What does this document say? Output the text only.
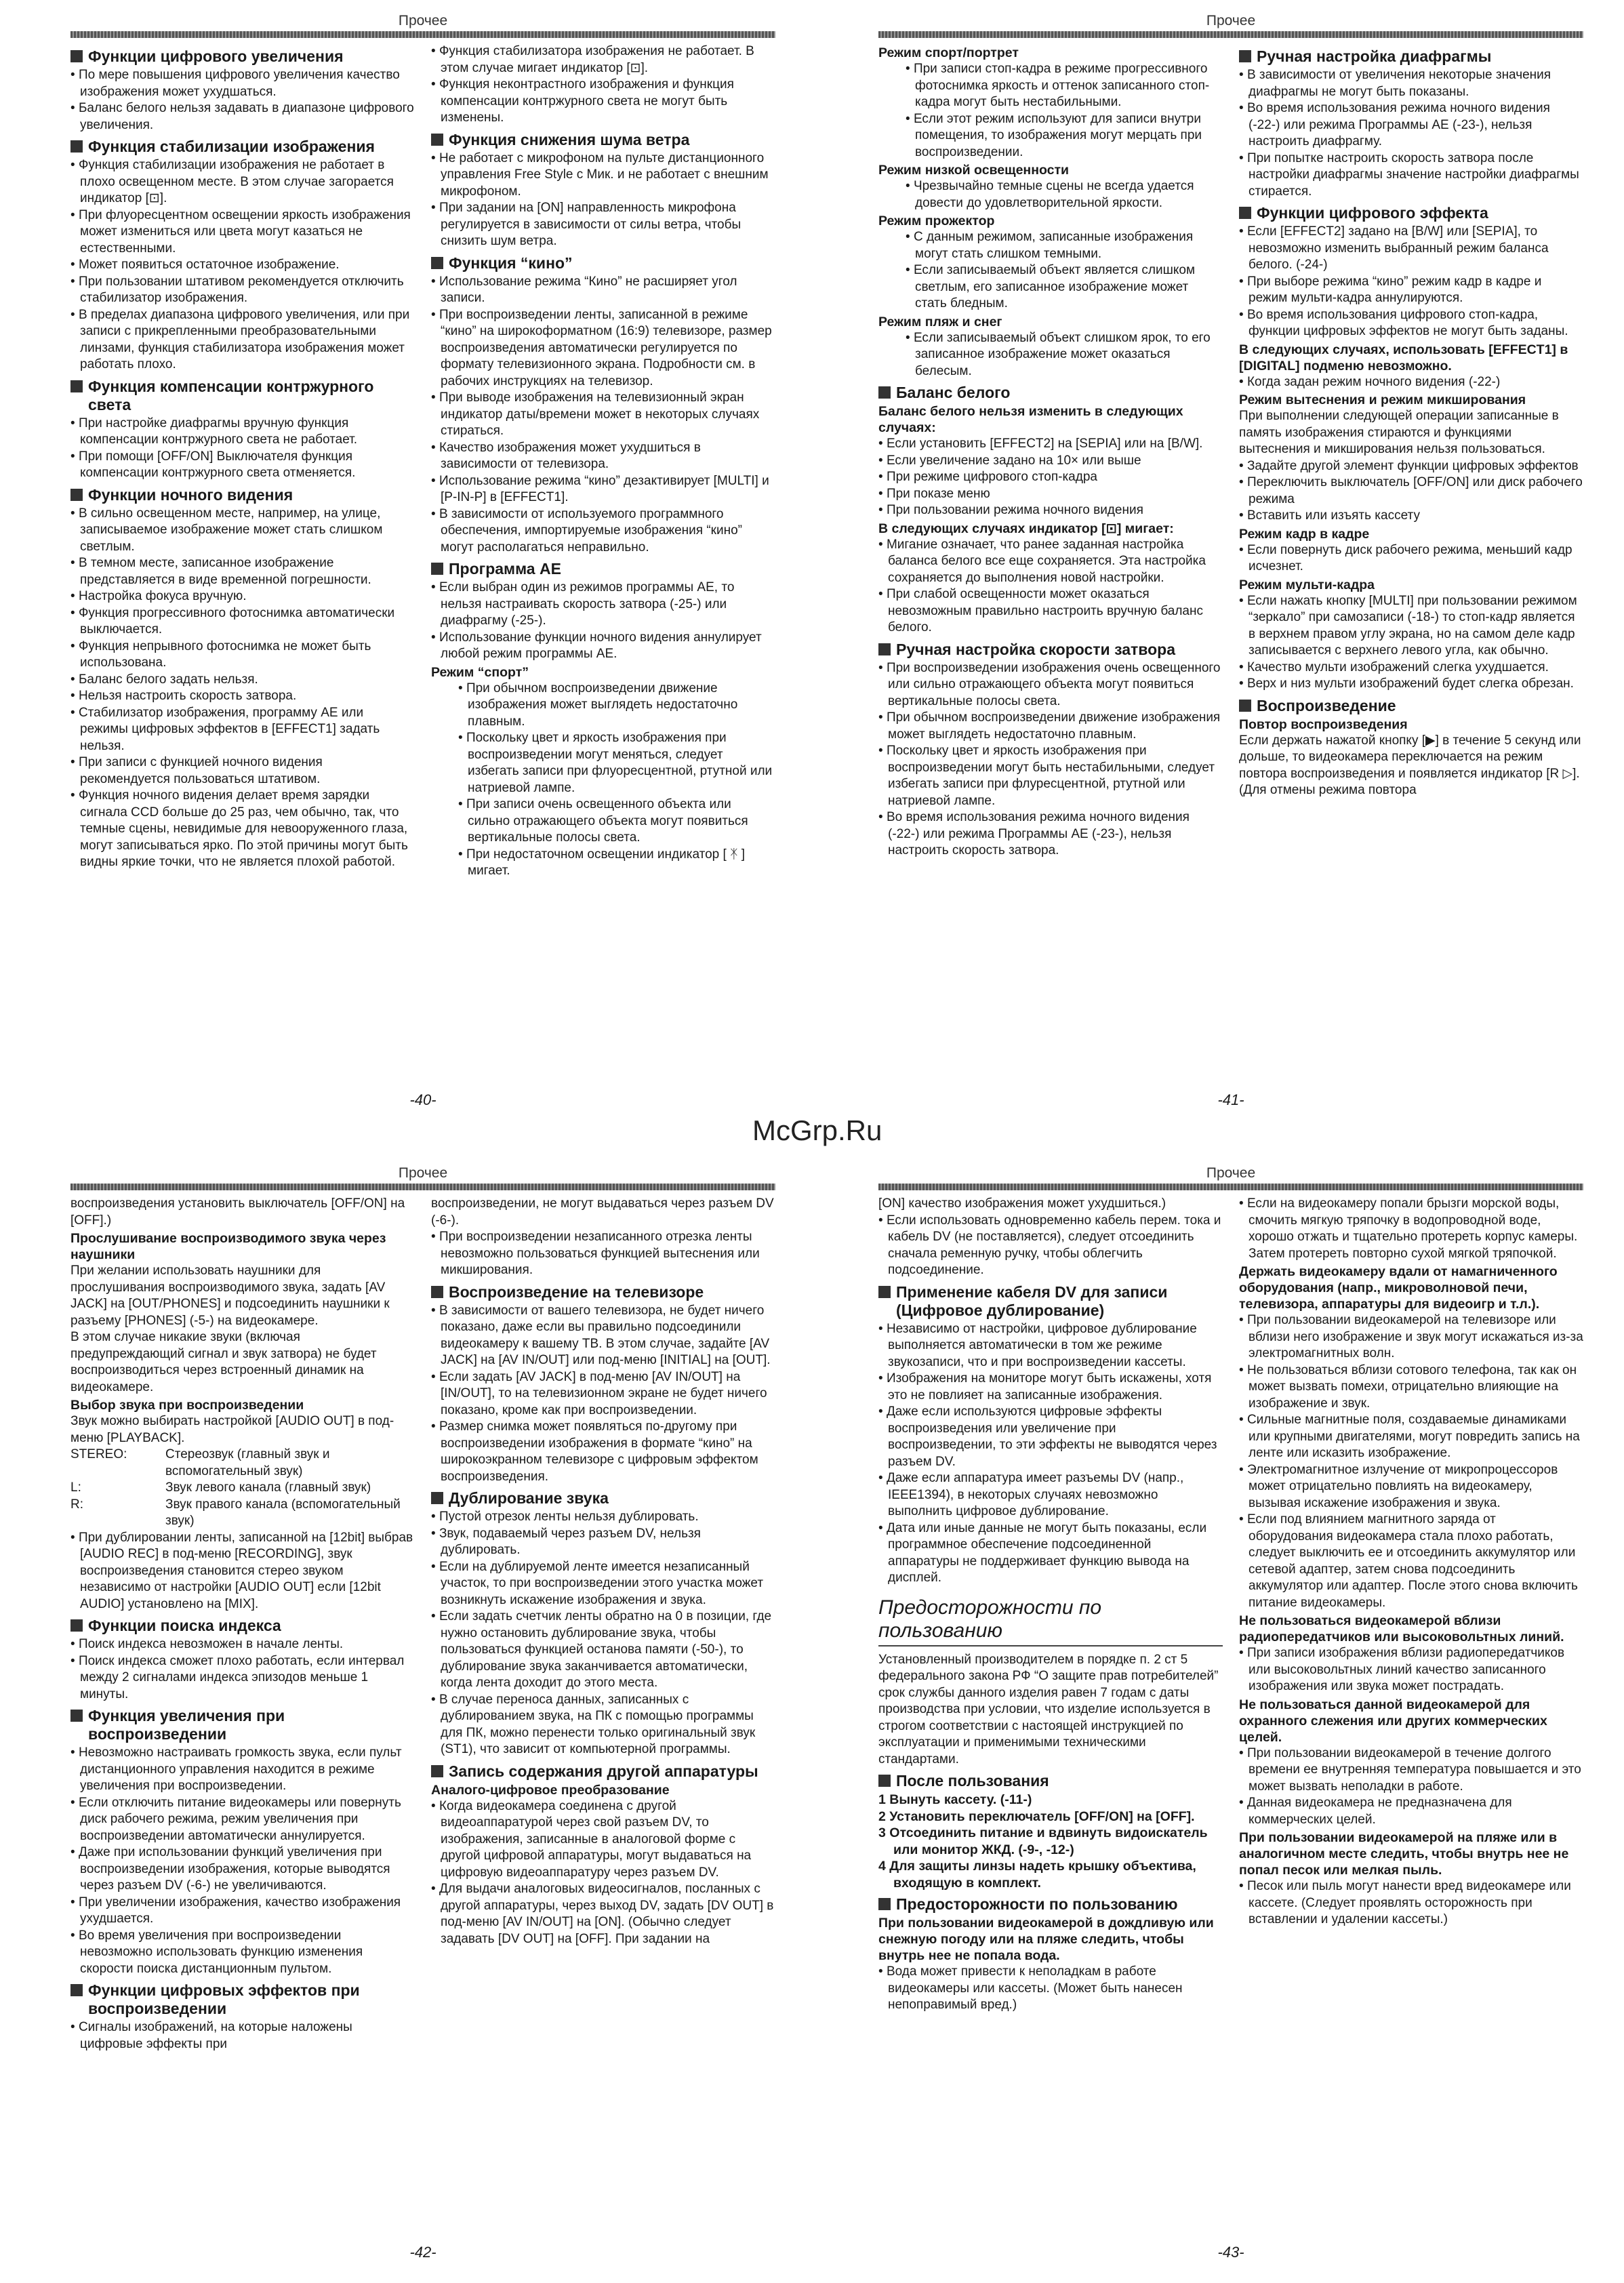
Прочее
Функции цифрового увеличения
• По мере повышения цифрового увеличения качество изображения может ухудшаться.
• Баланс белого нельзя задавать в диапазоне цифрового увеличения.
Функция стабилизации изображения
• Функция стабилизации изображения не работает в плохо освещенном месте. В этом случае загорается индикатор [⊡].
• При флуоресцентном освещении яркость изображения может измениться или цвета могут казаться не естественными.
• Может появиться остаточное изображение.
• При пользовании штативом рекомендуется отключить стабилизатор изображения.
• В пределах диапазона цифрового увеличения, или при записи с прикрепленными преобразовательными линзами, функция стабилизатора изображения может работать плохо.
Функция компенсации контржурного света
• При настройке диафрагмы вручную функция компенсации контржурного света не работает.
• При помощи [OFF/ON] Выключателя функция компенсации контржурного света отменяется.
Функции ночного видения
• В сильно освещенном месте, например, на улице, записываемое изображение может стать слишком светлым.
• В темном месте, записанное изображение представляется в виде временной погрешности.
• Настройка фокуса вручную.
• Функция прогрессивного фотоснимка автоматически выключается.
• Функция непрывного фотоснимка не может быть использована.
• Баланс белого задать нельзя.
• Нельзя настроить скорость затвора.
• Стабилизатор изображения, программу AE или режимы цифровых эффектов в [EFFECT1] задать нельзя.
• При записи с функцией ночного видения рекомендуется пользоваться штативом.
• Функция ночного видения делает время зарядки сигнала CCD больше до 25 раз, чем обычно, так, что темные сцены, невидимые для невооруженного глаза, могут записываться ярко. По этой причины могут быть видны яркие точки, что не является плохой работой.
• Функция стабилизатора изображения не работает. В этом случае мигает индикатор [⊡].
• Функция неконтрастного изображения и функция компенсации контржурного света не могут быть изменены.
Функция снижения шума ветра
• Не работает с микрофоном на пульте дистанционного управления Free Style с Мик. и не работает с внешним микрофоном.
• При задании на [ON] направленность микрофона регулируется в зависимости от силы ветра, чтобы снизить шум ветра.
Функция “кино”
• Использование режима “Кино” не расширяет угол записи.
• При воспроизведении ленты, записанной в режиме “кино” на широкоформатном (16:9) телевизоре, размер воспроизведения автоматически регулируется по формату телевизионного экрана. Подробности см. в рабочих инструкциях на телевизор.
• При выводе изображения на телевизионный экран индикатор даты/времени может в некоторых случаях стираться.
• Качество изображения может ухудшиться в зависимости от телевизора.
• Использование режима “кино” дезактивирует [MULTI] и [P-IN-P] в [EFFECT1].
• В зависимости от используемого программного обеспечения, импортируемые изображения “кино” могут располагаться неправильно.
Программа AE
• Если выбран один из режимов программы AE, то нельзя настраивать скорость затвора (-25-) или диафрагму (-25-).
• Использование функции ночного видения аннулирует любой режим программы AE.
Режим “спорт”
• При обычном воспроизведении движение изображения может выглядеть недостаточно плавным.
• Поскольку цвет и яркость изображения при воспроизведении могут меняться, следует избегать записи при флуоресцентной, ртутной или натриевой лампе.
• При записи очень освещенного объекта или сильно отражающего объекта могут появиться вертикальные полосы света.
• При недостаточном освещении индикатор [ ᛡ ] мигает.
-40-
Прочее
Режим спорт/портрет
• При записи стоп-кадра в режиме прогрессивного фотоснимка яркость и оттенок записанного стоп-кадра могут быть нестабильными.
• Если этот режим используют для записи внутри помещения, то изображения могут мерцать при воспроизведении.
Режим низкой освещенности
• Чрезвычайно темные сцены не всегда удается довести до удовлетворительной яркости.
Режим прожектор
• С данным режимом, записанные изображения могут стать слишком темными.
• Если записываемый объект является слишком светлым, его записанное изображение может стать бледным.
Режим пляж и снег
• Если записываемый объект слишком ярок, то его записанное изображение может оказаться белесым.
Баланс белого
Баланс белого нельзя изменить в следующих случаях:
• Если установить [EFFECT2] на [SEPIA] или на [B/W].
• Если увеличение задано на 10× или выше
• При режиме цифрового стоп-кадра
• При показе меню
• При пользовании режима ночного видения
В следующих случаях индикатор [⊡] мигает:
• Мигание означает, что ранее заданная настройка баланса белого все еще сохраняется. Эта настройка сохраняется до выполнения новой настройки.
• При слабой освещенности может оказаться невозможным правильно настроить вручную баланс белого.
Ручная настройка скорости затвора
• При воспроизведении изображения очень освещенного или сильно отражающего объекта могут появиться вертикальные полосы света.
• При обычном воспроизведении движение изображения может выглядеть недостаточно плавным.
• Поскольку цвет и яркость изображения при воспроизведении могут быть нестабильными, следует избегать записи при флуресцентной, ртутной или натриевой лампе.
• Во время использования режима ночного видения (-22-) или режима Программы AE (-23-), нельзя настроить скорость затвора.
Ручная настройка диафрагмы
• В зависимости от увеличения некоторые значения диафрагмы не могут быть показаны.
• Во время использования режима ночного видения (-22-) или режима Программы AE (-23-), нельзя настроить диафрагму.
• При попытке настроить скорость затвора после настройки диафрагмы значение настройки диафрагмы стирается.
Функции цифрового эффекта
• Если [EFFECT2] задано на [B/W] или [SEPIA], то невозможно изменить выбранный режим баланса белого. (-24-)
• При выборе режима “кино” режим кадр в кадре и режим мульти-кадра аннулируются.
• Во время использования цифрового стоп-кадра, функции цифровых эффектов не могут быть заданы.
В следующих случаях, использовать [EFFECT1] в [DIGITAL] подменю невозможно.
• Когда задан режим ночного видения (-22-)
Режим вытеснения и режим микширования
При выполнении следующей операции записанные в память изображения стираются и функциями вытеснения и микширования нельзя пользоваться.
• Задайте другой элемент функции цифровых эффектов
• Переключить выключатель [OFF/ON] или диск рабочего режима
• Вставить или изъять кассету
Режим кадр в кадре
• Если повернуть диск рабочего режима, меньший кадр исчезнет.
Режим мульти-кадра
• Если нажать кнопку [MULTI] при пользовании режимом “зеркало” при самозаписи (-18-) то стоп-кадр является в верхнем правом углу экрана, но на самом деле кадр записывается с верхнего левого угла, как обычно.
• Качество мульти изображений слегка ухудшается.
• Верх и низ мульти изображений будет слегка обрезан.
Воспроизведение
Повтор воспроизведения
Если держать нажатой кнопку [▶] в течение 5 секунд или дольше, то видеокамера переключается на режим повтора воспроизведения и появляется индикатор [R ▷]. (Для отмены режима повтора
-41-
McGrp.Ru
Прочее
воспроизведения установить выключатель [OFF/ON] на [OFF].)
Прослушивание воспроизводимого звука через наушники
При желании использовать наушники для прослушивания воспроизводимого звука, задать [AV JACK] на [OUT/PHONES] и подсоединить наушники к разъему [PHONES] (-5-) на видеокамере.
В этом случае никакие звуки (включая предупреждающий сигнал и звук затвора) не будет воспроизводиться через встроенный динамик на видеокамере.
Выбор звука при воспроизведении
Звук можно выбирать настройкой [AUDIO OUT] в под-меню [PLAYBACK].
STEREO:	Стереозвук (главный звук и вспомогательный звук)
L:	Звук левого канала (главный звук)
R:	Звук правого канала (вспомогательный звук)
• При дублировании ленты, записанной на [12bit] выбрав [AUDIO REC] в под-меню [RECORDING], звук воспроизведения становится стерео звуком независимо от настройки [AUDIO OUT] если [12bit AUDIO] установлено на [MIX].
Функции поиска индекса
• Поиск индекса невозможен в начале ленты.
• Поиск индекса сможет плохо работать, если интервал между 2 сигналами индекса эпизодов меньше 1 минуты.
Функция увеличения при воспроизведении
• Невозможно настраивать громкость звука, если пульт дистанционного управления находится в режиме увеличения при воспроизведении.
• Если отключить питание видеокамеры или повернуть диск рабочего режима, режим увеличения при воспроизведении автоматически аннулируется.
• Даже при использовании функций увеличения при воспроизведении изображения, которые выводятся через разъем DV (-6-) не увеличиваются.
• При увеличении изображения, качество изображения ухудшается.
• Во время увеличения при воспроизведении невозможно использовать функцию изменения скорости поиска дистанционным пультом.
Функции цифровых эффектов при воспроизведении
• Сигналы изображений, на которые наложены цифровые эффекты при
воспроизведении, не могут выдаваться через разъем DV (-6-).
• При воспроизведении незаписанного отрезка ленты невозможно пользоваться функцией вытеснения или микширования.
Воспроизведение на телевизоре
• В зависимости от вашего телевизора, не будет ничего показано, даже если вы правильно подсоединили видеокамеру к вашему ТВ. В этом случае, задайте [AV JACK] на [AV IN/OUT] или под-меню [INITIAL] на [OUT].
• Если задать [AV JACK] в под-меню [AV IN/OUT] на [IN/OUT], то на телевизионном экране не будет ничего показано, кроме как при воспроизведении.
• Размер снимка может появляться по-другому при воспроизведении изображения в формате “кино” на широкоэкранном телевизоре с цифровым эффектом воспроизведения.
Дублирование звука
• Пустой отрезок ленты нельзя дублировать.
• Звук, подаваемый через разъем DV, нельзя дублировать.
• Если на дублируемой ленте имеется незаписанный участок, то при воспроизведении этого участка может возникнуть искажение изображения и звука.
• Если задать счетчик ленты обратно на 0 в позиции, где нужно остановить дублирование звука, чтобы пользоваться функцией останова памяти (-50-), то дублирование звука заканчивается автоматически, когда лента доходит до этого места.
• В случае переноса данных, записанных с дублированием звука, на ПК с помощью программы для ПК, можно перенести только оригинальный звук (ST1), что зависит от компьютерной программы.
Запись содержания другой аппаратуры
Аналого-цифровое преобразование
• Когда видеокамера соединена с другой видеоаппаратурой через свой разъем DV, то изображения, записанные в аналоговой форме с другой цифровой аппаратуры, могут выдаваться на цифровую видеоаппаратуру через разъем DV.
• Для выдачи аналоговых видеосигналов, посланных с другой аппаратуры, через выход DV, задать [DV OUT] в под-меню [AV IN/OUT] на [ON]. (Обычно следует задавать [DV OUT] на [OFF]. При задании на
-42-
Прочее
[ON] качество изображения может ухудшиться.)
• Если использовать одновременно кабель перем. тока и кабель DV (не поставляется), следует отсоединить сначала ременную ручку, чтобы облегчить подсоединение.
Применение кабеля DV для записи (Цифровое дублирование)
• Независимо от настройки, цифровое дублирование выполняется автоматически в том же режиме звукозаписи, что и при воспроизведении кассеты.
• Изображения на мониторе могут быть искажены, хотя это не повлияет на записанные изображения.
• Даже если используются цифровые эффекты воспроизведения или увеличение при воспроизведении, то эти эффекты не выводятся через разъем DV.
• Даже если аппаратура имеет разъемы DV (напр., IEEE1394), в некоторых случаях невозможно выполнить цифровое дублирование.
• Дата или иные данные не могут быть показаны, если программное обеспечение подсоединенной аппаратуры не поддерживает функцию вывода на дисплей.
Предосторожности по пользованию
Установленный производителем в порядке п. 2 ст 5 федерального закона РФ “О защите прав потребителей” срок службы данного изделия равен 7 годам с даты производства при условии, что изделие используется в строгом соответствии с настоящей инструкцией по эксплуатации и применимыми техническими стандартами.
После пользования
1 Вынуть кассету. (-11-)
2 Установить переключатель [OFF/ON] на [OFF].
3 Отсоединить питание и вдвинуть видоискатель или монитор ЖКД. (-9-, -12-)
4 Для защиты линзы надеть крышку объектива, входящую в комплект.
Предосторожности по пользованию
При пользовании видеокамерой в дождливую или снежную погоду или на пляже следить, чтобы внутрь нее не попала вода.
• Вода может привести к неполадкам в работе видеокамеры или кассеты. (Может быть нанесен непоправимый вред.)
• Если на видеокамеру попали брызги морской воды, смочить мягкую тряпочку в водопроводной воде, хорошо отжать и тщательно протереть корпус камеры. Затем протереть повторно сухой мягкой тряпочкой.
Держать видеокамеру вдали от намагниченного оборудования (напр., микроволновой печи, телевизора, аппаратуры для видеоигр и т.л.).
• При пользовании видеокамерой на телевизоре или вблизи него изображение и звук могут искажаться из-за электромагнитных волн.
• Не пользоваться вблизи сотового телефона, так как он может вызвать помехи, отрицательно влияющие на изображение и звук.
• Сильные магнитные поля, создаваемые динамиками или крупными двигателями, могут повредить запись на ленте или исказить изображение.
• Электромагнитное излучение от микропроцессоров может отрицательно повлиять на видеокамеру, вызывая искажение изображения и звука.
• Если под влиянием магнитного заряда от оборудования видеокамера стала плохо работать, следует выключить ее и отсоединить аккумулятор или сетевой адаптер, затем снова подсоединить аккумулятор или адаптер. После этого снова включить питание видеокамеры.
Не пользоваться видеокамерой вблизи радиопередатчиков или высоковольтных линий.
• При записи изображения вблизи радиопередатчиков или высоковольтных линий качество записанного изображения или звука может пострадать.
Не пользоваться данной видеокамерой для охранного слежения или других коммерческих целей.
• При пользовании видеокамерой в течение долгого времени ее внутренняя температура повышается и это может вызвать неполадки в работе.
• Данная видеокамера не предназначена для коммерческих целей.
При пользовании видеокамерой на пляже или в аналогичном месте следить, чтобы внутрь нее не попал песок или мелкая пыль.
• Песок или пыль могут нанести вред видеокамере или кассете. (Следует проявлять осторожность при вставлении и удалении кассеты.)
-43-
